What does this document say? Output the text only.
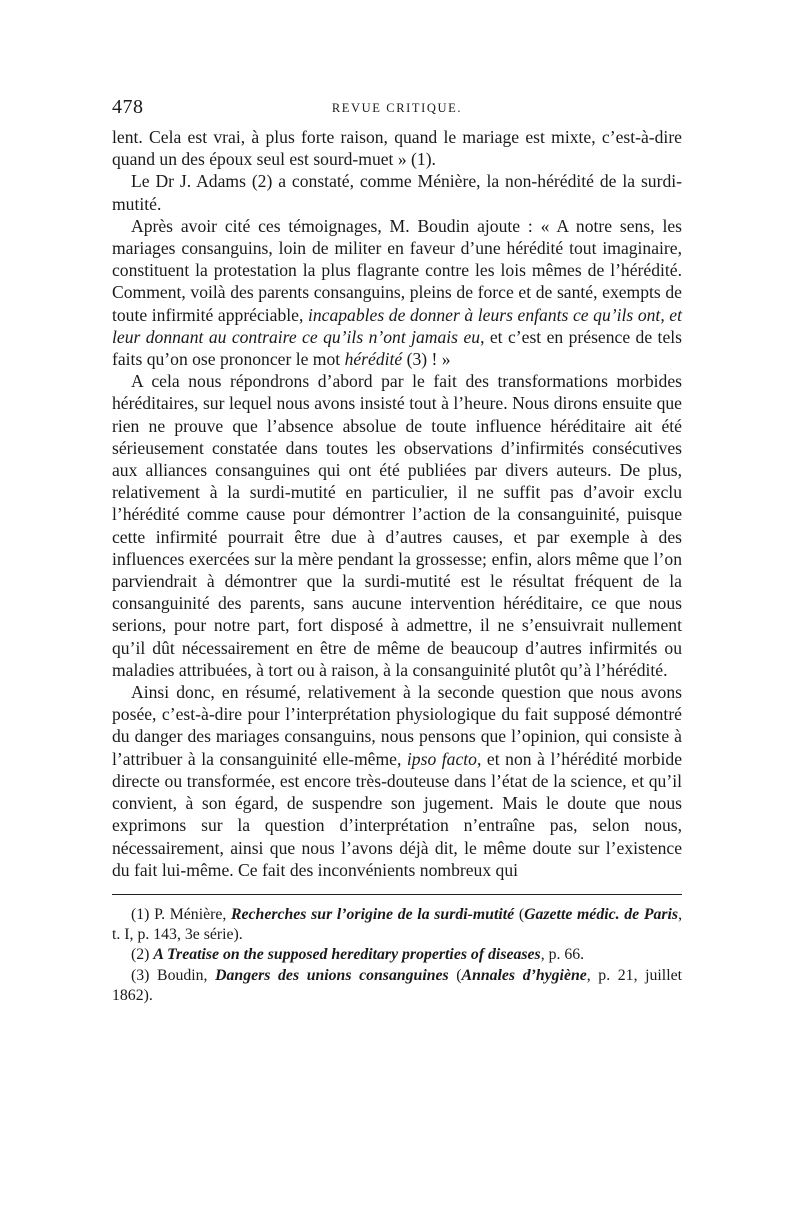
478	REVUE CRITIQUE.

lent. Cela est vrai, à plus forte raison, quand le mariage est mixte, c’est-à-dire quand un des époux seul est sourd-muet » (1).

Le Dr J. Adams (2) a constaté, comme Ménière, la non-hérédité de la surdi-mutité.

Après avoir cité ces témoignages, M. Boudin ajoute : « A notre sens, les mariages consanguins, loin de militer en faveur d’une hérédité tout imaginaire, constituent la protestation la plus flagrante contre les lois mêmes de l’hérédité. Comment, voilà des parents consanguins, pleins de force et de santé, exempts de toute infirmité appréciable, incapables de donner à leurs enfants ce qu’ils ont, et leur donnant au contraire ce qu’ils n’ont jamais eu, et c’est en présence de tels faits qu’on ose prononcer le mot hérédité (3) ! »

A cela nous répondrons d’abord par le fait des transformations morbides héréditaires, sur lequel nous avons insisté tout à l’heure. Nous dirons ensuite que rien ne prouve que l’absence absolue de toute influence héréditaire ait été sérieusement constatée dans toutes les observations d’infirmités consécutives aux alliances consanguines qui ont été publiées par divers auteurs. De plus, relativement à la surdi-mutité en particulier, il ne suffit pas d’avoir exclu l’hérédité comme cause pour démontrer l’action de la consanguinité, puisque cette infirmité pourrait être due à d’autres causes, et par exemple à des influences exercées sur la mère pendant la grossesse; enfin, alors même que l’on parviendrait à démontrer que la surdi-mutité est le résultat fréquent de la consanguinité des parents, sans aucune intervention héréditaire, ce que nous serions, pour notre part, fort disposé à admettre, il ne s’ensuivrait nullement qu’il dût nécessairement en être de même de beaucoup d’autres infirmités ou maladies attribuées, à tort ou à raison, à la consanguinité plutôt qu’à l’hérédité.

Ainsi donc, en résumé, relativement à la seconde question que nous avons posée, c’est-à-dire pour l’interprétation physiologique du fait supposé démontré du danger des mariages consanguins, nous pensons que l’opinion, qui consiste à l’attribuer à la consanguinité elle-même, ipso facto, et non à l’hérédité morbide directe ou transformée, est encore très-douteuse dans l’état de la science, et qu’il convient, à son égard, de suspendre son jugement. Mais le doute que nous exprimons sur la question d’interprétation n’entraîne pas, selon nous, nécessairement, ainsi que nous l’avons déjà dit, le même doute sur l’existence du fait lui-même. Ce fait des inconvénients nombreux qui

(1) P. Ménière, Recherches sur l’origine de la surdi-mutité (Gazette médic. de Paris, t. I, p. 143, 3e série).

(2) A Treatise on the supposed hereditary properties of diseases, p. 66.

(3) Boudin, Dangers des unions consanguines (Annales d’hygiène, p. 21, juillet 1862).
